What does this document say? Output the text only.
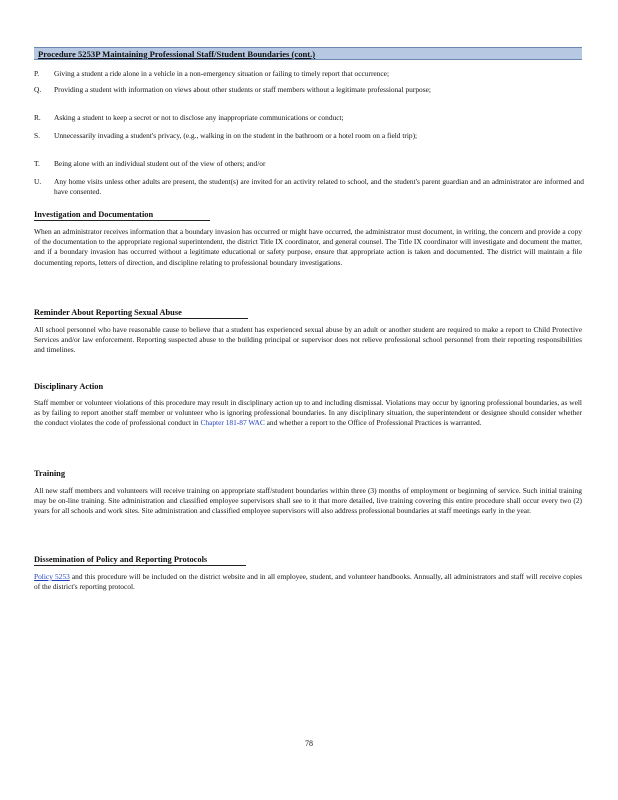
Procedure 5253P Maintaining Professional Staff/Student Boundaries (cont.)
P. Giving a student a ride alone in a vehicle in a non-emergency situation or failing to timely report that occurrence;
Q. Providing a student with information on views about other students or staff members without a legitimate professional purpose;
R. Asking a student to keep a secret or not to disclose any inappropriate communications or conduct;
S. Unnecessarily invading a student's privacy, (e.g., walking in on the student in the bathroom or a hotel room on a field trip);
T. Being alone with an individual student out of the view of others; and/or
U. Any home visits unless other adults are present, the student(s) are invited for an activity related to school, and the student's parent guardian and an administrator are informed and have consented.
Investigation and Documentation
When an administrator receives information that a boundary invasion has occurred or might have occurred, the administrator must document, in writing, the concern and provide a copy of the documentation to the appropriate regional superintendent, the district Title IX coordinator, and general counsel. The Title IX coordinator will investigate and document the matter, and if a boundary invasion has occurred without a legitimate educational or safety purpose, ensure that appropriate action is taken and documented. The district will maintain a file documenting reports, letters of direction, and discipline relating to professional boundary investigations.
Reminder About Reporting Sexual Abuse
All school personnel who have reasonable cause to believe that a student has experienced sexual abuse by an adult or another student are required to make a report to Child Protective Services and/or law enforcement. Reporting suspected abuse to the building principal or supervisor does not relieve professional school personnel from their reporting responsibilities and timelines.
Disciplinary Action
Staff member or volunteer violations of this procedure may result in disciplinary action up to and including dismissal. Violations may occur by ignoring professional boundaries, as well as by failing to report another staff member or volunteer who is ignoring professional boundaries. In any disciplinary situation, the superintendent or designee should consider whether the conduct violates the code of professional conduct in Chapter 181-87 WAC and whether a report to the Office of Professional Practices is warranted.
Training
All new staff members and volunteers will receive training on appropriate staff/student boundaries within three (3) months of employment or beginning of service. Such initial training may be on-line training. Site administration and classified employee supervisors shall see to it that more detailed, live training covering this entire procedure shall occur every two (2) years for all schools and work sites. Site administration and classified employee supervisors will also address professional boundaries at staff meetings early in the year.
Dissemination of Policy and Reporting Protocols
Policy 5253 and this procedure will be included on the district website and in all employee, student, and volunteer handbooks. Annually, all administrators and staff will receive copies of the district's reporting protocol.
78
